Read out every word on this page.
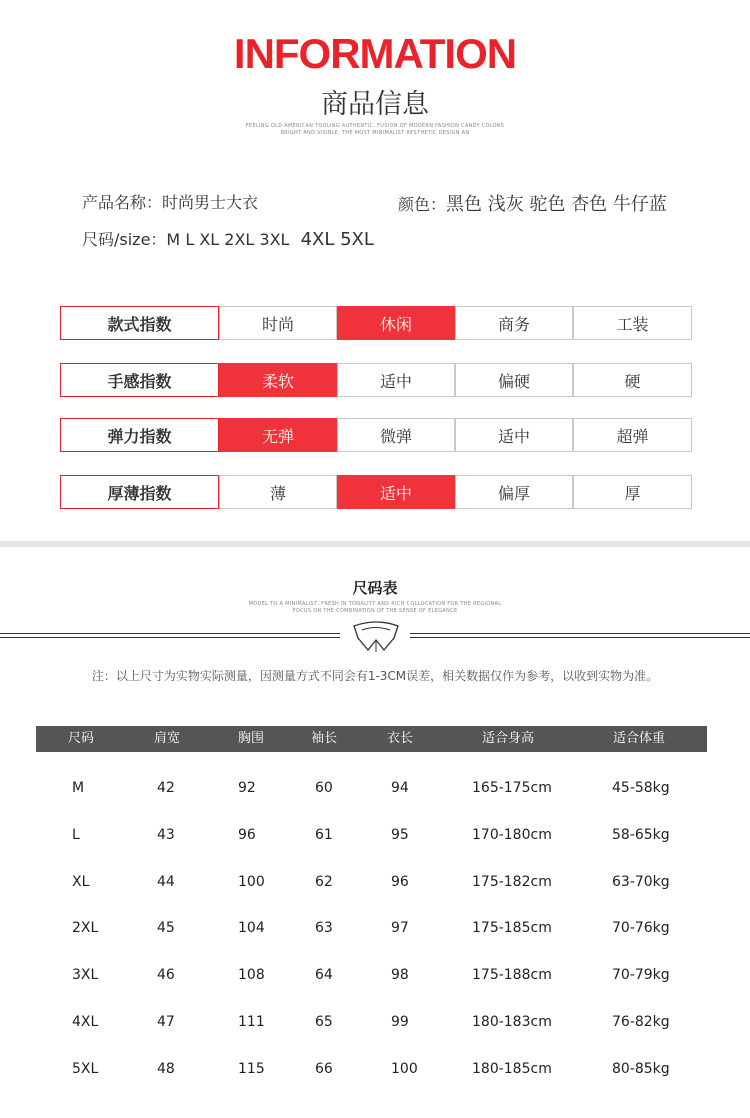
INFORMATION
商品信息
FEELING OLD AMERICAN TOOLING AUTHENTIC, FUSION OF MODERN FASHION CANDY COLORS
BRIGHT AND VISIBLE, THE MOST MINIMALIST AESTHETIC DESIGN AN
产品名称：时尚男士大衣	颜色：黑色 浅灰 驼色 杏色 牛仔蓝
尺码/size：M L XL 2XL 3XL 4XL 5XL
款式指数	时尚	休闲	商务	工装
手感指数	柔软	适中	偏硬	硬
弹力指数	无弹	微弹	适中	超弹
厚薄指数	薄	适中	偏厚	厚
尺码表
MODEL TO A MINIMALIST, FRESH IN TONALITY AND RICH COLLOCATION FOR THE REGIONAL
FOCUS ON THE COMBINATION OF THE SENSE OF ELEGANCE
注：以上尺寸为实物实际测量，因测量方式不同会有1-3CM误差，相关数据仅作为参考，以收到实物为准。
尺码	肩宽	胸围	袖长	衣长	适合身高	适合体重
M	42	92	60	94	165-175cm	45-58kg
L	43	96	61	95	170-180cm	58-65kg
XL	44	100	62	96	175-182cm	63-70kg
2XL	45	104	63	97	175-185cm	70-76kg
3XL	46	108	64	98	175-188cm	70-79kg
4XL	47	111	65	99	180-183cm	76-82kg
5XL	48	115	66	100	180-185cm	80-85kg
